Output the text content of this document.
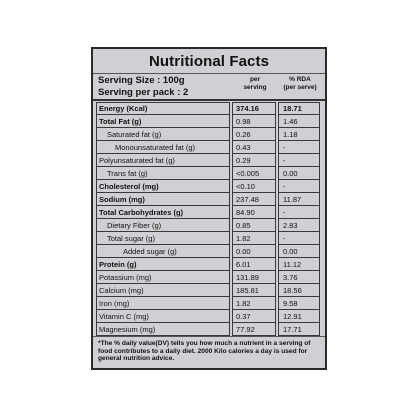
Nutritional Facts
Serving Size : 100g
Serving per pack : 2
per
serving
% RDA
(per serve)
Energy (Kcal)	374.16	18.71
Total Fat (g)	0.98	1.46
Saturated fat (g)	0.26	1.18
Monounsaturated fat (g)	0.43	-
Polyunsaturated fat (g)	0.29	-
Trans fat (g)	<0.005	0.00
Cholesterol (mg)	<0.10	-
Sodium (mg)	237.48	11.87
Total Carbohydrates (g)	84.90	-
Dietary Fiber (g)	0.85	2.83
Total sugar (g)	1.82	-
Added sugar (g)	0.00	0.00
Protein (g)	6.01	11.12
Potassium (mg)	131.89	3.76
Calcium (mg)	185.81	18.56
Iron (mg)	1.82	9.58
Vitamin C (mg)	0.37	12.91
Magnesium (mg)	77.92	17.71
*The % daily value(DV) tells you how much a nutrient in a serving of food contributes to a daily diet. 2000 Kilo calories a day is used for general nutrition advice.
